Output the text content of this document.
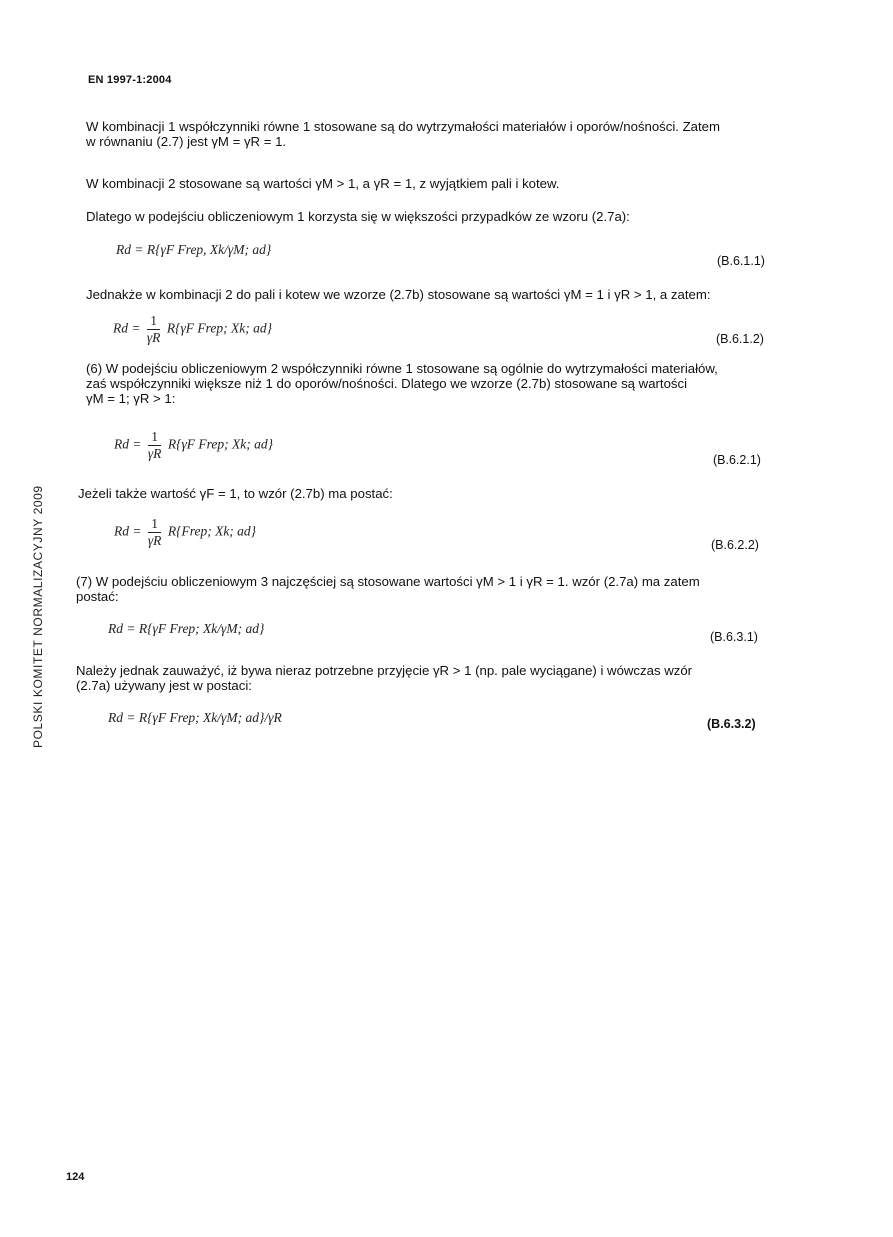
EN 1997-1:2004
W kombinacji 1 współczynniki równe 1 stosowane są do wytrzymałości materiałów i oporów/nośności. Zatem
w równaniu (2.7) jest γM = γR = 1.
W kombinacji 2 stosowane są wartości γM > 1, a γR = 1, z wyjątkiem pali i kotew.
Dlatego w podejściu obliczeniowym 1 korzysta się w większości przypadków ze wzoru (2.7a):
Rd = R{γF Frep, Xk/γM; ad}
(B.6.1.1)
Jednakże w kombinacji 2 do pali i kotew we wzorze (2.7b) stosowane są wartości γM = 1 i γR > 1, a zatem:
$Rd = \frac{1}{\gamma R} R\{\gamma F$ Frep; Xk; ad}
(B.6.1.2)
(6) W podejściu obliczeniowym 2 współczynniki równe 1 stosowane są ogólnie do wytrzymałości materiałów,
zaś współczynniki większe niż 1 do oporów/nośności. Dlatego we wzorze (2.7b) stosowane są wartości
γM = 1; γR > 1:
$Rd = \frac{1}{\gamma R} R\{\gamma F$ Frep; Xk; ad}
(B.6.2.1)
Jeżeli także wartość γF = 1, to wzór (2.7b) ma postać:
$Rd = \frac{1}{\gamma R}$ R{Frep; Xk; ad}
(B.6.2.2)
(7) W podejściu obliczeniowym 3 najczęściej są stosowane wartości γM > 1 i γR = 1. wzór (2.7a) ma zatem
postać:
Rd = R{γF Frep; Xk/γM; ad}
(B.6.3.1)
Należy jednak zauważyć, iż bywa nieraz potrzebne przyjęcie γR > 1 (np. pale wyciągane) i wówczas wzór
(2.7a) używany jest w postaci:
Rd = R{γF Frep; Xk/γM; ad}/γR	(B.6.3.2)
POLSKI KOMITET NORMALIZACYJNY 2009
124
